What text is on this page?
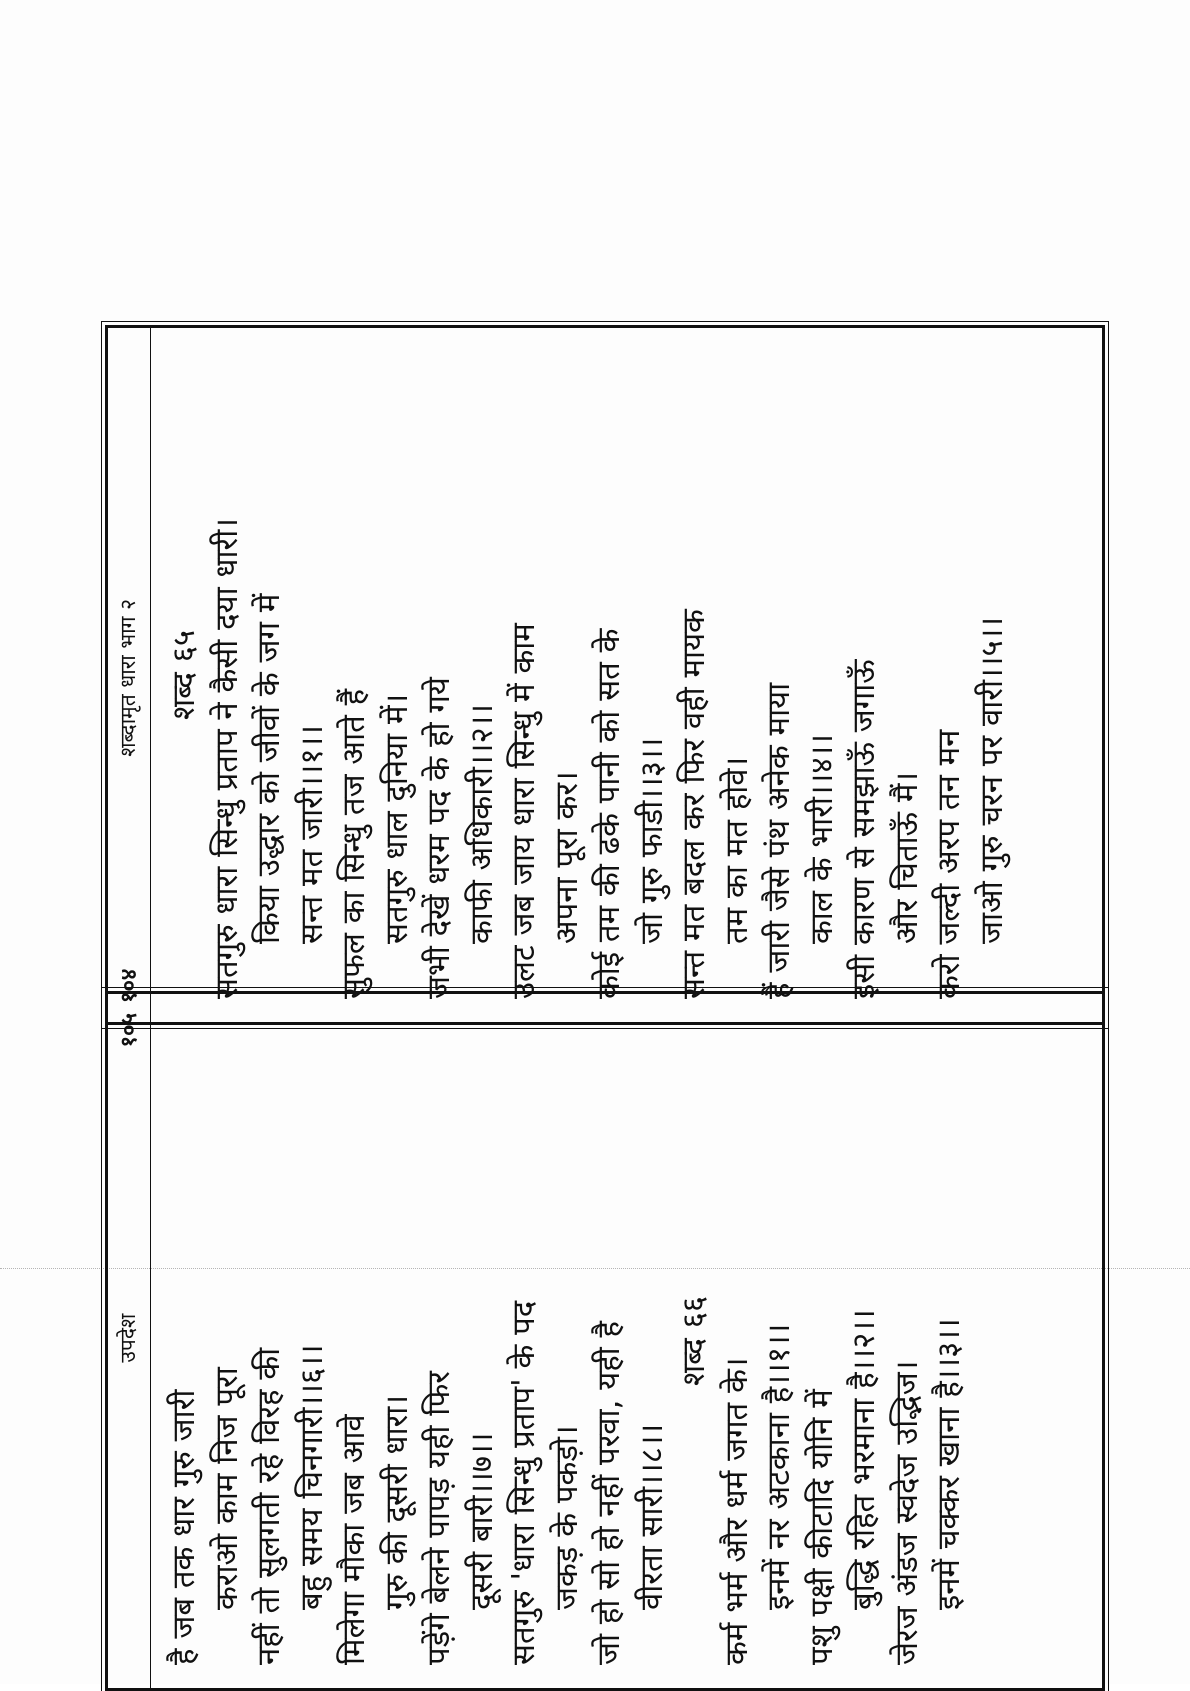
१०४
शब्दामृत धारा भाग २ शब्द ६५ सतगुरु धारा सिन्धु प्रताप ने कैसी दया धारी। किया उद्धार को जीवों के जग में सन्त मत जारी।।१।। सुफल का सिन्धु तज आते हैं सतगुरु धाल दुनिया में। जभी देखें धरम पद के हो गये काफी अधिकारी।।२।। उलट जब जाय धारा सिन्धु में काम अपना पूरा कर। कोई तम की ढके पानी को सत के जो गुरु फाडी।।३।। सन्त मत बदल कर फिर वही मायक तम का मत होवे। हैं जारी जैसे पंथ अनेक माया काल के भारी।।४।। इसी कारण से समझाऊँ जगाऊँ और चिताऊँ मैं। करो जल्दी अरप तन मन जाओ गुरु चरन पर वारी।।५।।
उपदेश
१०५
है जब तक धार गुरु जारी कराओ काम निज पूरा नहीं तो सुलगती रहे विरह की बहु समय चिनगारी।।६।। मिलेगा मौका जब आवे गुरु की दूसरी धारा। पड़ेंगे बेलने पापड़ यही फिर दूसरी बारी।।७।। सतगुरु 'धारा सिन्धु प्रताप' के पद जकड़ के पकड़ो। जो हो सो हो नहीं परवा, यही है वीरता सारी।।८।।
शब्द ६६
कर्म भर्म और धर्म जगत के। इनमें नर अटकाना है।।१।। पशु पक्षी कीटादि योनि में बुद्धि रहित भरमाना है।।२।। जेरज अंडज स्वदेज उद्भिज। इनमें चक्कर खाना है।।३।।
